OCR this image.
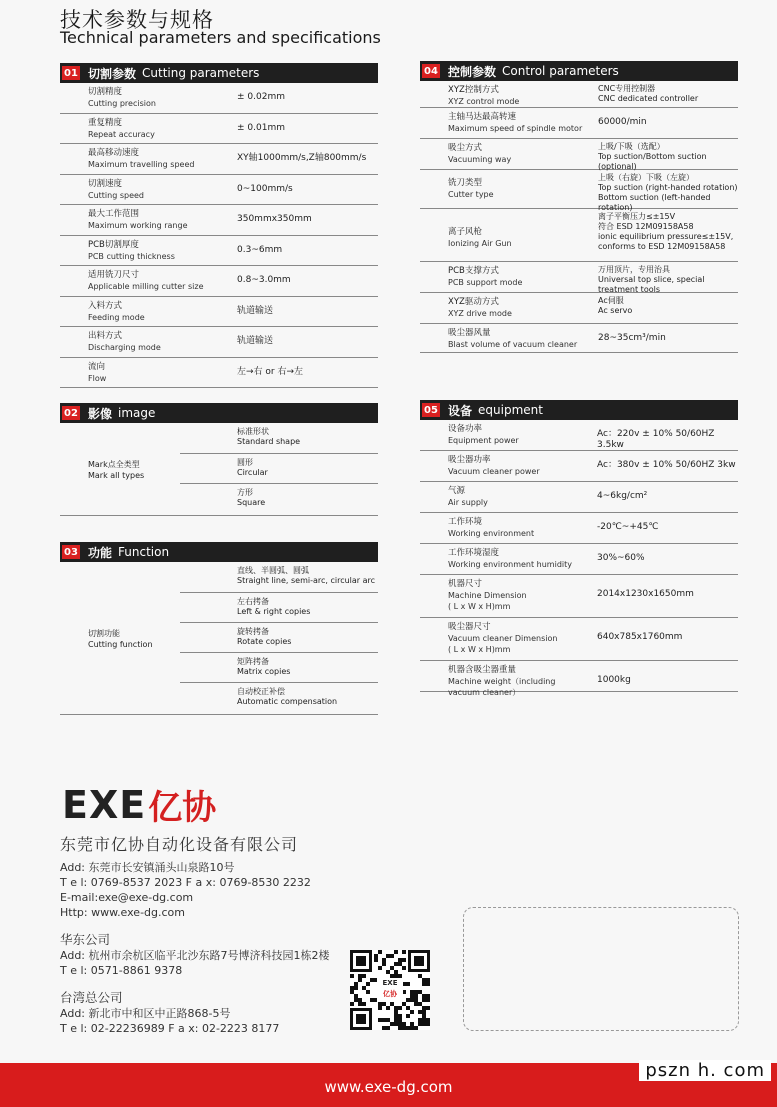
技术参数与规格
Technical parameters and specifications
01 切割参数 Cutting parameters
切割精度
Cutting precision
± 0.02mm
重复精度
Repeat accuracy
± 0.01mm
最高移动速度
Maximum travelling speed
XY轴1000mm/s,Z轴800mm/s
切割速度
Cutting speed
0~100mm/s
最大工作范围
Maximum working range
350mmx350mm
PCB切割厚度
PCB cutting thickness
0.3~6mm
适用铣刀尺寸
Applicable milling cutter size
0.8~3.0mm
入料方式
Feeding mode
轨道输送
出料方式
Discharging mode
轨道输送
流向
Flow
左→右 or 右→左
02 影像 image
Mark点全类型
Mark all types
标准形状
Standard shape
圆形
Circular
方形
Square
03 功能 Function
切割功能
Cutting function
直线、半圆弧、圆弧
Straight line, semi-arc, circular arc
左右拷备
Left & right copies
旋转拷备
Rotate copies
矩阵拷备
Matrix copies
自动校正补偿
Automatic compensation
04 控制参数 Control parameters
XYZ控制方式
XYZ control mode
CNC专用控制器
CNC dedicated controller
主轴马达最高转速
Maximum speed of spindle motor
60000/min
吸尘方式
Vacuuming way
上吸/下吸（选配）
Top suction/Bottom suction (optional)
铣刀类型
Cutter type
上吸（右旋）下吸（左旋）
Top suction (right-handed rotation)
Bottom suction (left-handed rotation)
离子风枪
Ionizing Air Gun
离子平衡压力≤±15V
符合 ESD 12M09158A58
ionic equilibrium pressure≤±15V,
conforms to ESD 12M09158A58
PCB支撑方式
PCB support mode
万用顶片，专用治具
Universal top slice, special treatment tools
XYZ驱动方式
XYZ drive mode
Ac伺服
Ac servo
吸尘器风量
Blast volume of vacuum cleaner
28~35cm³/min
05 设备 equipment
设备功率
Equipment power
Ac：220v ± 10% 50/60HZ 3.5kw
吸尘器功率
Vacuum cleaner power
Ac：380v ± 10% 50/60HZ 3kw
气源
Air supply
4~6kg/cm²
工作环境
Working environment
-20℃~+45℃
工作环境湿度
Working environment humidity
30%~60%
机器尺寸
Machine Dimension
( L x W x H)mm
2014x1230x1650mm
吸尘器尺寸
Vacuum cleaner Dimension
( L x W x H)mm
640x785x1760mm
机器含吸尘器重量
Machine weight（including
vacuum cleaner）
1000kg
EXE 亿协
东莞市亿协自动化设备有限公司
Add: 东莞市长安镇涌头山泉路10号
T e l: 0769-8537 2023 F a x: 0769-8530 2232
E-mail:exe@exe-dg.com
Http: www.exe-dg.com
华东公司
Add: 杭州市余杭区临平北沙东路7号博济科技园1栋2楼
T e l: 0571-8861 9378
台湾总公司
Add: 新北市中和区中正路868-5号
T e l: 02-22236989 F a x: 02-2223 8177
EXE
亿协
www.exe-dg.com
pszn h. com
